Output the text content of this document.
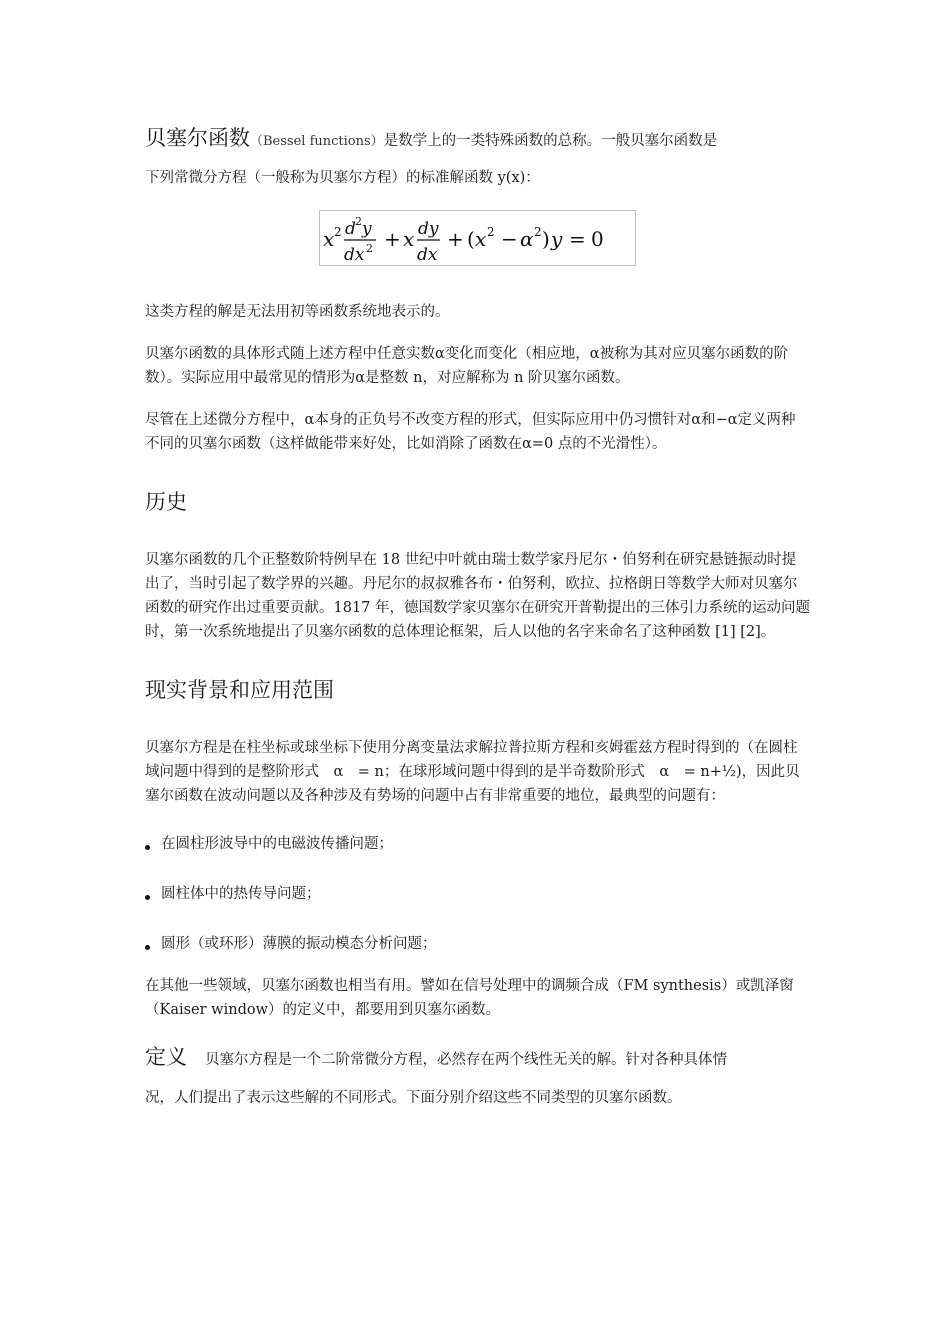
贝塞尔函数（Bessel functions）是数学上的一类特殊函数的总称。一般贝塞尔函数是
下列常微分方程（一般称为贝塞尔方程）的标准解函数 y(x)：

x 2 d 2 y
dx 2 + x dy
dx
+ ( x 2 − α 2 ) y = 0

这类方程的解是无法用初等函数系统地表示的。

贝塞尔函数的具体形式随上述方程中任意实数α变化而变化（相应地，α被称为其对应贝塞尔函数的阶数）。实际应用中最常见的情形为α是整数 n，对应解称为 n 阶贝塞尔函数。

尽管在上述微分方程中，α本身的正负号不改变方程的形式，但实际应用中仍习惯针对α和−α定义两种不同的贝塞尔函数（这样做能带来好处，比如消除了函数在α=0 点的不光滑性）。

历史

贝塞尔函数的几个正整数阶特例早在 18 世纪中叶就由瑞士数学家丹尼尔・伯努利在研究悬链振动时提出了，当时引起了数学界的兴趣。丹尼尔的叔叔雅各布・伯努利，欧拉、拉格朗日等数学大师对贝塞尔函数的研究作出过重要贡献。1817 年，德国数学家贝塞尔在研究开普勒提出的三体引力系统的运动问题时，第一次系统地提出了贝塞尔函数的总体理论框架，后人以他的名字来命名了这种函数 [1] [2]。

现实背景和应用范围

贝塞尔方程是在柱坐标或球坐标下使用分离变量法求解拉普拉斯方程和亥姆霍兹方程时得到的（在圆柱域问题中得到的是整阶形式　α　= n；在球形域问题中得到的是半奇数阶形式　α　= n+½)，因此贝塞尔函数在波动问题以及各种涉及有势场的问题中占有非常重要的地位，最典型的问题有：

在圆柱形波导中的电磁波传播问题；
圆柱体中的热传导问题；
圆形（或环形）薄膜的振动模态分析问题；

在其他一些领域，贝塞尔函数也相当有用。譬如在信号处理中的调频合成（FM synthesis）或凯泽窗（Kaiser window）的定义中，都要用到贝塞尔函数。

定义 贝塞尔方程是一个二阶常微分方程，必然存在两个线性无关的解。针对各种具体情

况，人们提出了表示这些解的不同形式。下面分别介绍这些不同类型的贝塞尔函数。
